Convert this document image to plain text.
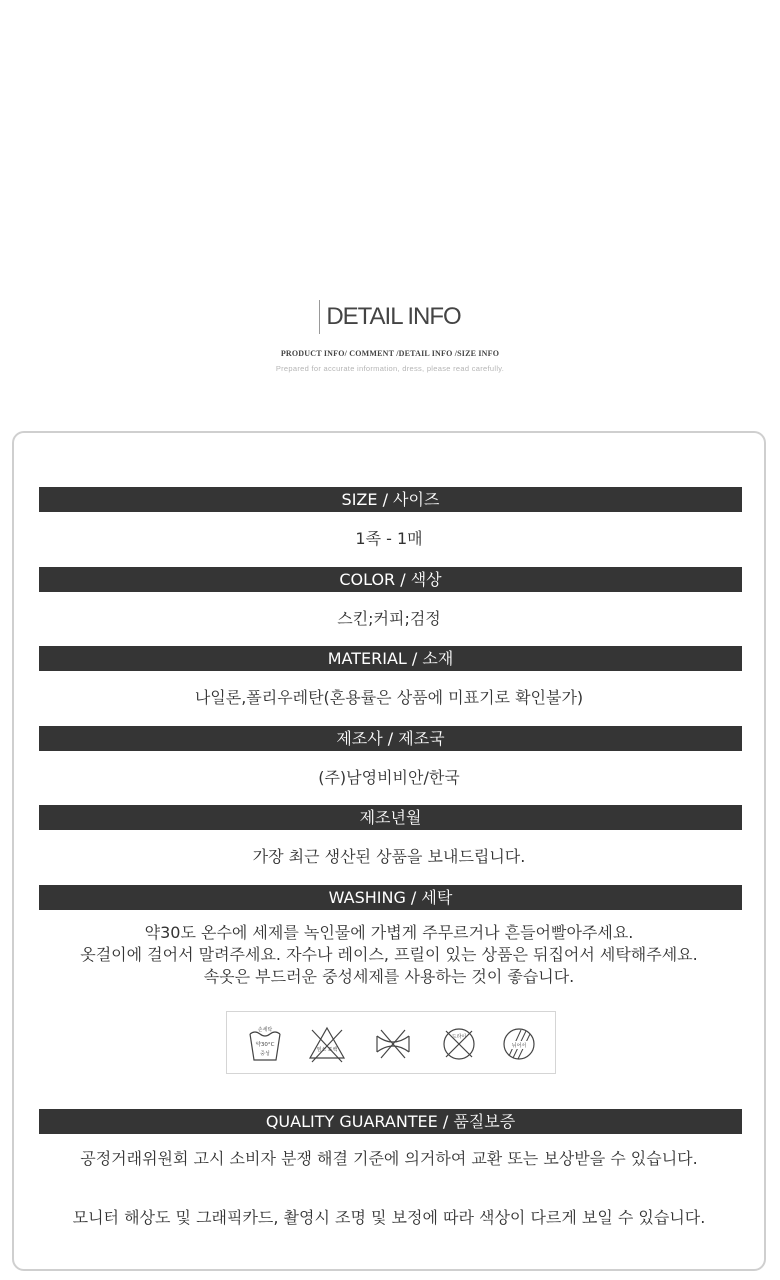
DETAIL INFO
PRODUCT INFO/ COMMENT /DETAIL INFO /SIZE INFO
Prepared for accurate information, dress, please read carefully.
SIZE / 사이즈
1족 - 1매
COLOR / 색상
스킨;커피;검정
MATERIAL / 소재
나일론,폴리우레탄(혼용률은 상품에 미표기로 확인불가)
제조사 / 제조국
(주)남영비비안/한국
제조년월
가장 최근 생산된 상품을 보내드립니다.
WASHING / 세탁
약30도 온수에 세제를 녹인물에 가볍게 주무르거나 흔들어빨아주세요.
옷걸이에 걸어서 말려주세요. 자수나 레이스, 프릴이 있는 상품은 뒤집어서 세탁해주세요.
속옷은 부드러운 중성세제를 사용하는 것이 좋습니다.
손세탁
약30°C
중성
염소 표백
드라이
뉘어서
QUALITY GUARANTEE / 품질보증
공정거래위원회 고시 소비자 분쟁 해결 기준에 의거하여 교환 또는 보상받을 수 있습니다.
모니터 해상도 및 그래픽카드, 촬영시 조명 및 보정에 따라 색상이 다르게 보일 수 있습니다.
